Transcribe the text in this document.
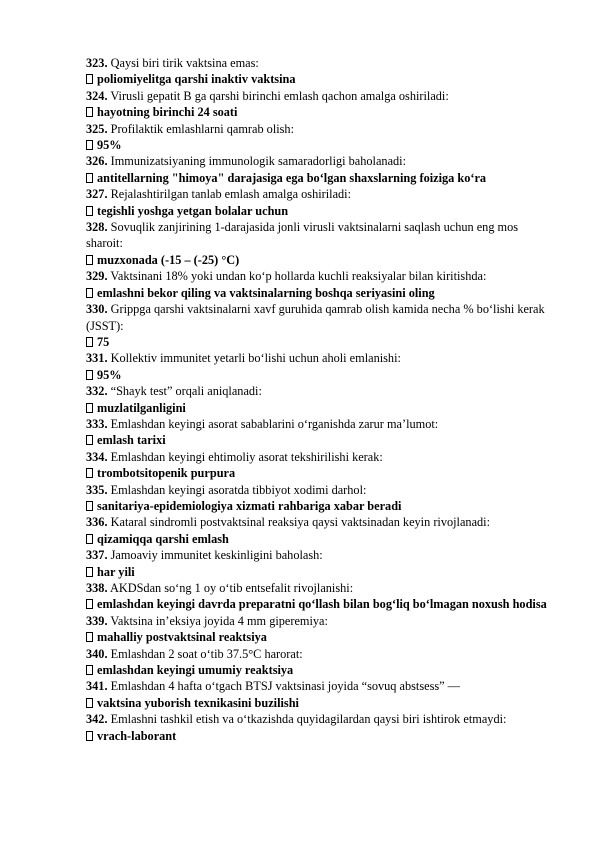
323. Qaysi biri tirik vaktsina emas:

poliomiyelitga qarshi inaktiv vaktsina

324. Virusli gepatit B ga qarshi birinchi emlash qachon amalga oshiriladi:

hayotning birinchi 24 soati

325. Profilaktik emlashlarni qamrab olish:

95%

326. Immunizatsiyaning immunologik samaradorligi baholanadi:

antitellarning "himoya" darajasiga ega bo‘lgan shaxslarning foiziga ko‘ra

327. Rejalashtirilgan tanlab emlash amalga oshiriladi:

tegishli yoshga yetgan bolalar uchun

328. Sovuqlik zanjirining 1-darajasida jonli virusli vaktsinalarni saqlash uchun eng mos sharoit:

muzxonada (-15 – (-25) °C)

329. Vaktsinani 18% yoki undan ko‘p hollarda kuchli reaksiyalar bilan kiritishda:

emlashni bekor qiling va vaktsinalarning boshqa seriyasini oling

330. Grippga qarshi vaktsinalarni xavf guruhida qamrab olish kamida necha % bo‘lishi kerak (JSST):

75

331. Kollektiv immunitet yetarli bo‘lishi uchun aholi emlanishi:

95%

332. “Shayk test” orqali aniqlanadi:

muzlatilganligini

333. Emlashdan keyingi asorat sabablarini o‘rganishda zarur ma’lumot:

emlash tarixi

334. Emlashdan keyingi ehtimoliy asorat tekshirilishi kerak:

trombotsitopenik purpura

335. Emlashdan keyingi asoratda tibbiyot xodimi darhol:

sanitariya-epidemiologiya xizmati rahbariga xabar beradi

336. Kataral sindromli postvaktsinal reaksiya qaysi vaktsinadan keyin rivojlanadi:

qizamiqqa qarshi emlash

337. Jamoaviy immunitet keskinligini baholash:

har yili

338. AKDSdan so‘ng 1 oy o‘tib entsefalit rivojlanishi:

emlashdan keyingi davrda preparatni qo‘llash bilan bog‘liq bo‘lmagan noxush hodisa

339. Vaktsina in’eksiya joyida 4 mm giperemiya:

mahalliy postvaktsinal reaktsiya

340. Emlashdan 2 soat o‘tib 37.5°C harorat:

emlashdan keyingi umumiy reaktsiya

341. Emlashdan 4 hafta o‘tgach BTSJ vaktsinasi joyida “sovuq abstsess” —

vaktsina yuborish texnikasini buzilishi

342. Emlashni tashkil etish va o‘tkazishda quyidagilardan qaysi biri ishtirok etmaydi:

vrach-laborant
